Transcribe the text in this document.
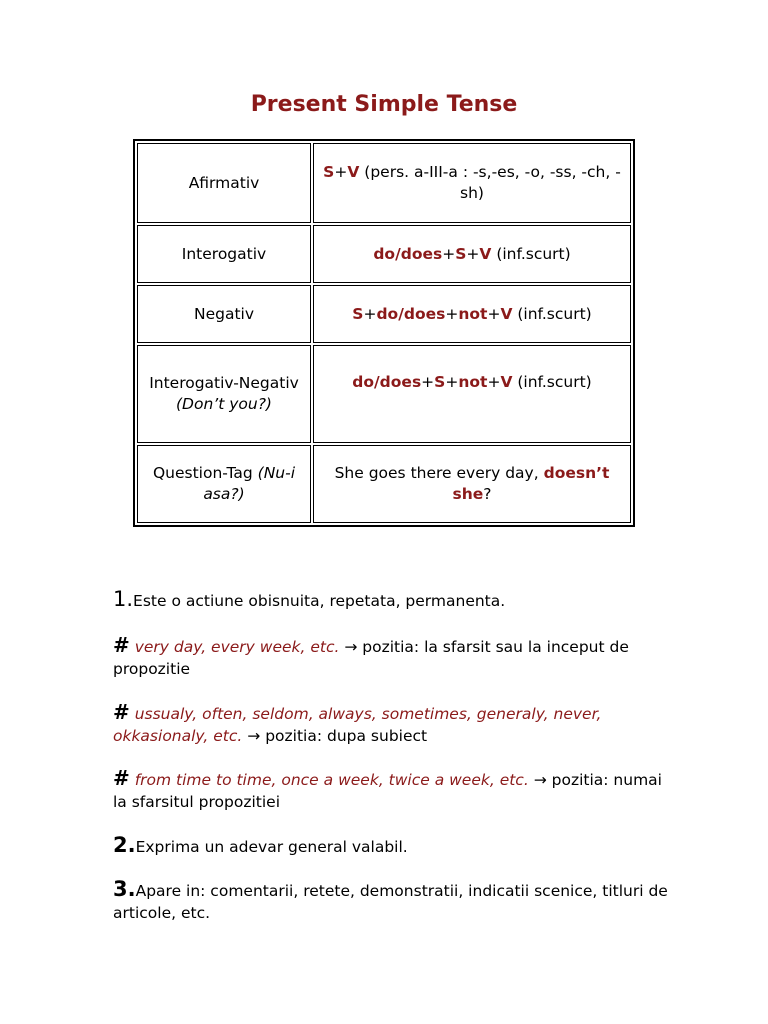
Present Simple Tense
Afirmativ	S+V (pers. a-III-a : -s,-es, -o, -ss, -ch, -sh)
Interogativ	do/does+S+V (inf.scurt)
Negativ	S+do/does+not+V (inf.scurt)
Interogativ-Negativ (Don’t you?)	do/does+S+not+V (inf.scurt)
Question-Tag (Nu-i asa?)	She goes there every day, doesn’t she?

1.Este o actiune obisnuita, repetata, permanenta.

# very day, every week, etc. → pozitia: la sfarsit sau la inceput de propozitie

# ussualy, often, seldom, always, sometimes, generaly, never, okkasionaly, etc. → pozitia: dupa subiect

# from time to time, once a week, twice a week, etc. → pozitia: numai la sfarsitul propozitiei

2.Exprima un adevar general valabil.

3.Apare in: comentarii, retete, demonstratii, indicatii scenice, titluri de articole, etc.
